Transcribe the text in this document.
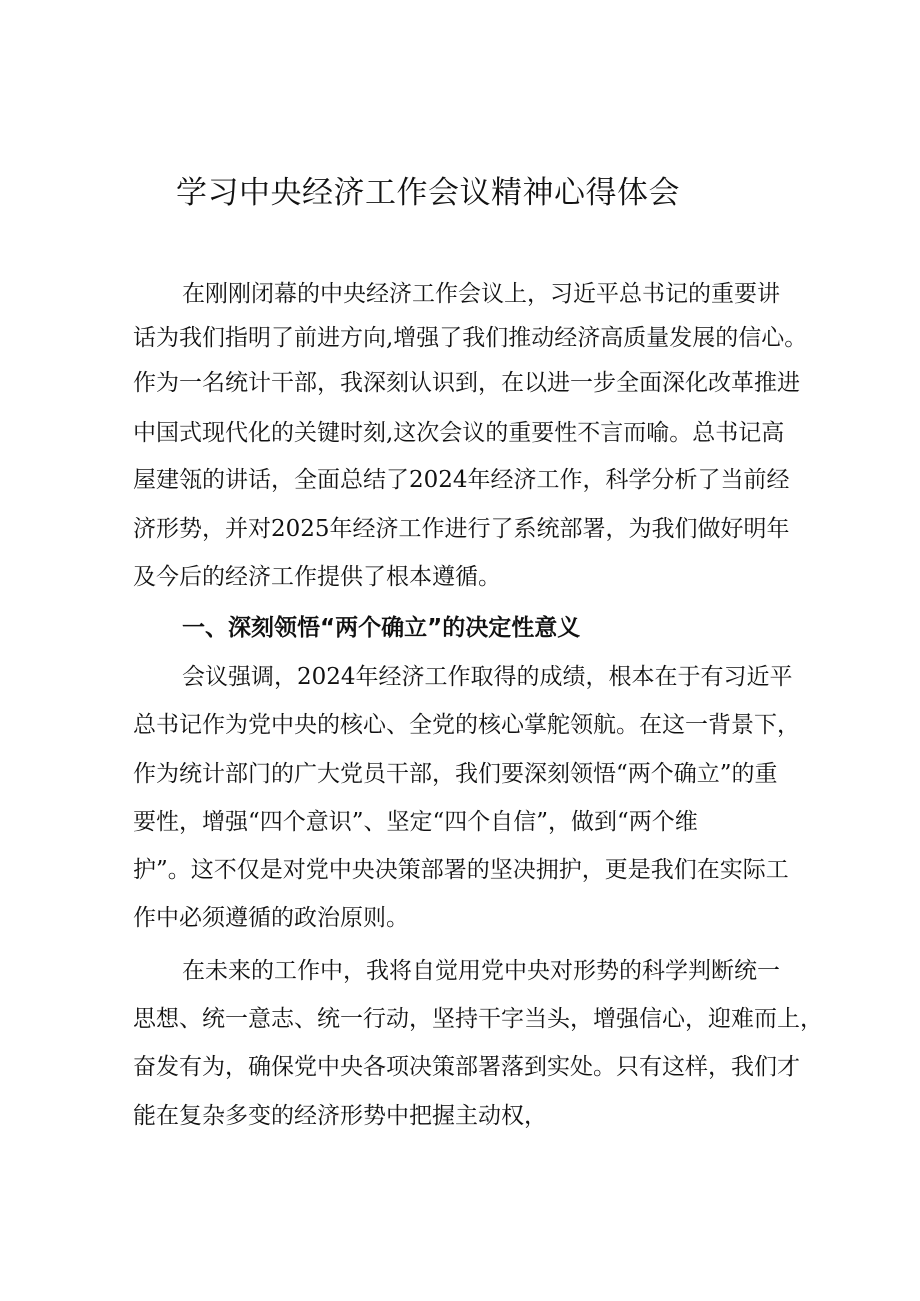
学习中央经济工作会议精神心得体会

在刚刚闭幕的中央经济工作会议上，习近平总书记的重要讲

话为我们指明了前进方向,增强了我们推动经济高质量发展的信心。

作为一名统计干部，我深刻认识到，在以进一步全面深化改革推进

中国式现代化的关键时刻,这次会议的重要性不言而喻。总书记高

屋建瓴的讲话，全面总结了2024年经济工作，科学分析了当前经

济形势，并对2025年经济工作进行了系统部署，为我们做好明年

及今后的经济工作提供了根本遵循。

一、深刻领悟“两个确立”的决定性意义

会议强调，2024年经济工作取得的成绩，根本在于有习近平

总书记作为党中央的核心、全党的核心掌舵领航。在这一背景下，

作为统计部门的广大党员干部，我们要深刻领悟“两个确立”的重

要性，增强“四个意识”、坚定“四个自信”，做到“两个维

护”。这不仅是对党中央决策部署的坚决拥护，更是我们在实际工

作中必须遵循的政治原则。

在未来的工作中，我将自觉用党中央对形势的科学判断统一

思想、统一意志、统一行动，坚持干字当头，增强信心，迎难而上，

奋发有为，确保党中央各项决策部署落到实处。只有这样，我们才

能在复杂多变的经济形势中把握主动权，
